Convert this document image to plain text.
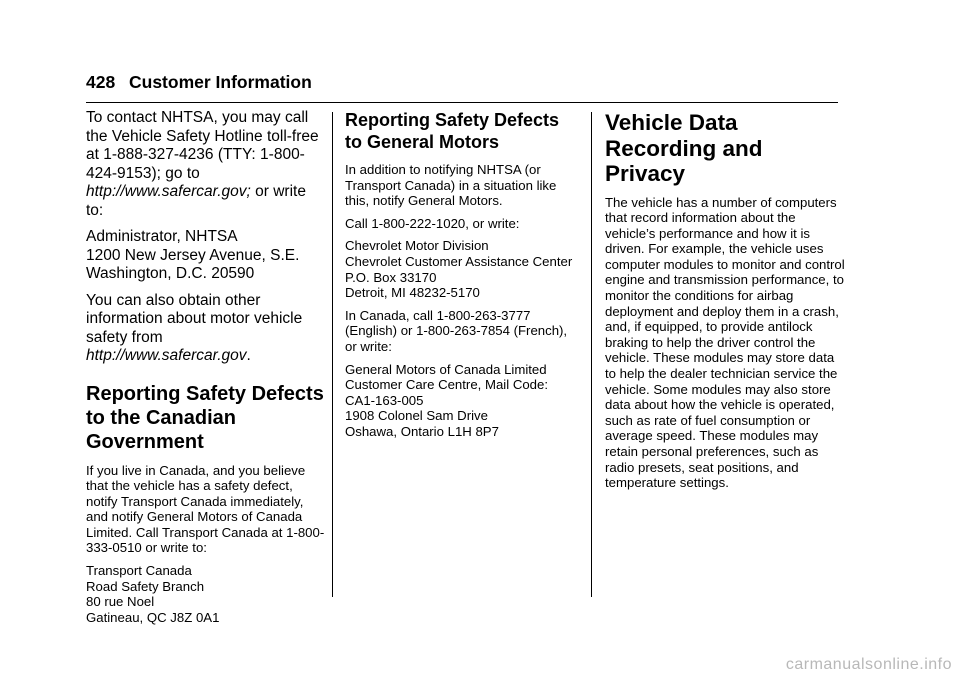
428 Customer Information

To contact NHTSA, you may call the Vehicle Safety Hotline toll-free at 1-888-327-4236 (TTY: 1-800-424-9153); go to http://www.safercar.gov; or write to:

Administrator, NHTSA
1200 New Jersey Avenue, S.E.
Washington, D.C. 20590

You can also obtain other information about motor vehicle safety from http://www.safercar.gov.

Reporting Safety Defects to the Canadian Government

If you live in Canada, and you believe that the vehicle has a safety defect, notify Transport Canada immediately, and notify General Motors of Canada Limited. Call Transport Canada at 1-800-333-0510 or write to:

Transport Canada
Road Safety Branch
80 rue Noel
Gatineau, QC J8Z 0A1

Reporting Safety Defects to General Motors

In addition to notifying NHTSA (or Transport Canada) in a situation like this, notify General Motors.

Call 1-800-222-1020, or write:

Chevrolet Motor Division
Chevrolet Customer Assistance Center
P.O. Box 33170
Detroit, MI 48232-5170

In Canada, call 1-800-263-3777 (English) or 1-800-263-7854 (French), or write:

General Motors of Canada Limited
Customer Care Centre, Mail Code: CA1-163-005
1908 Colonel Sam Drive
Oshawa, Ontario L1H 8P7

Vehicle Data Recording and Privacy

The vehicle has a number of computers that record information about the vehicle’s performance and how it is driven. For example, the vehicle uses computer modules to monitor and control engine and transmission performance, to monitor the conditions for airbag deployment and deploy them in a crash, and, if equipped, to provide antilock braking to help the driver control the vehicle. These modules may store data to help the dealer technician service the vehicle. Some modules may also store data about how the vehicle is operated, such as rate of fuel consumption or average speed. These modules may retain personal preferences, such as radio presets, seat positions, and temperature settings.

carmanualsonline.info
